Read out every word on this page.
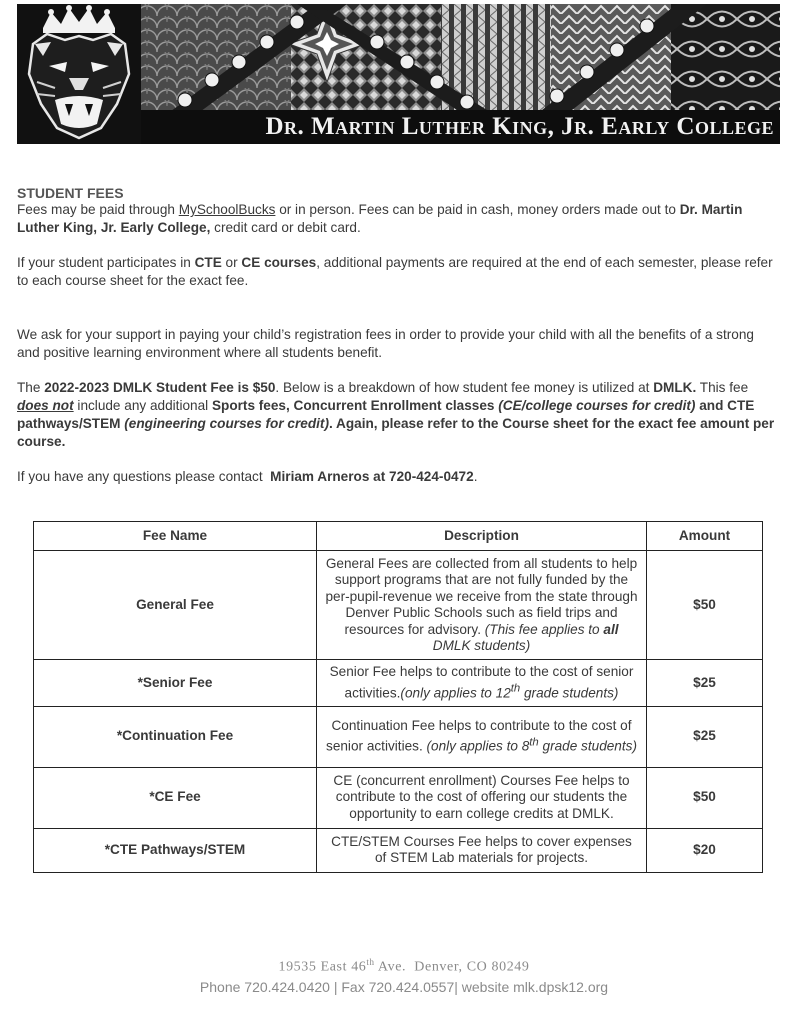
Dr. Martin Luther King, Jr. Early College
STUDENT FEES

Fees may be paid through MySchoolBucks or in person. Fees can be paid in cash, money orders made out to Dr. Martin Luther King, Jr. Early College, credit card or debit card.

If your student participates in CTE or CE courses, additional payments are required at the end of each semester, please refer to each course sheet for the exact fee.

We ask for your support in paying your child’s registration fees in order to provide your child with all the benefits of a strong and positive learning environment where all students benefit.

The 2022-2023 DMLK Student Fee is $50. Below is a breakdown of how student fee money is utilized at DMLK. This fee does not include any additional Sports fees, Concurrent Enrollment classes (CE/college courses for credit) and CTE pathways/STEM (engineering courses for credit). Again, please refer to the Course sheet for the exact fee amount per course.

If you have any questions please contact  Miriam Arneros at 720-424-0472.

Fee Name	Description	Amount
General Fee	General Fees are collected from all students to help support programs that are not fully funded by the per-pupil-revenue we receive from the state through Denver Public Schools such as field trips and resources for advisory. (This fee applies to all DMLK students)	$50
*Senior Fee	Senior Fee helps to contribute to the cost of senior activities.(only applies to 12th grade students)	$25
*Continuation Fee	Continuation Fee helps to contribute to the cost of senior activities. (only applies to 8th grade students)	$25
*CE Fee	CE (concurrent enrollment) Courses Fee helps to contribute to the cost of offering our students the opportunity to earn college credits at DMLK.	$50
*CTE Pathways/STEM	CTE/STEM Courses Fee helps to cover expenses of STEM Lab materials for projects.	$20
19535 East 46th Ave.  Denver, CO 80249
Phone 720.424.0420 | Fax 720.424.0557| website mlk.dpsk12.org
